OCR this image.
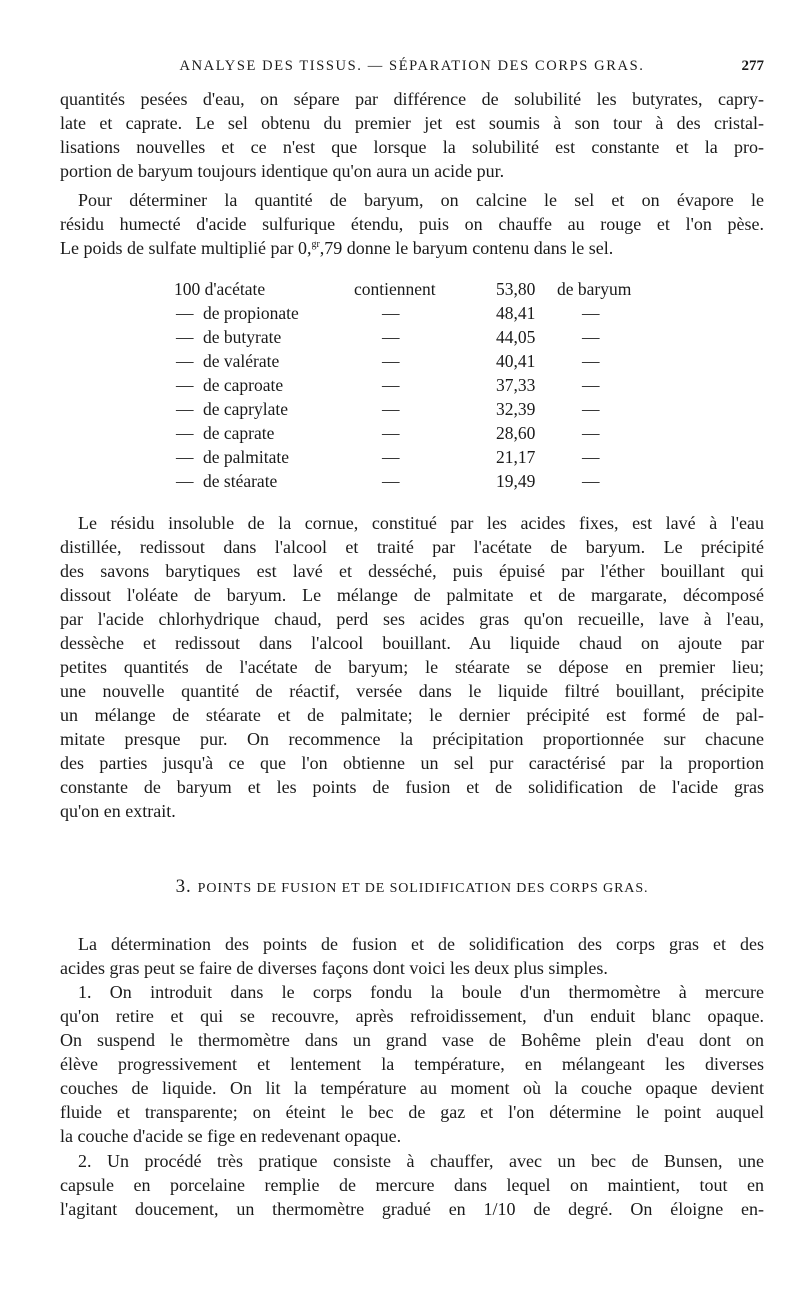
ANALYSE DES TISSUS. — SÉPARATION DES CORPS GRAS.	277
quantités pesées d'eau, on sépare par différence de solubilité les butyrates, capry-
late et caprate. Le sel obtenu du premier jet est soumis à son tour à des cristal-
lisations nouvelles et ce n'est que lorsque la solubilité est constante et la pro-
portion de baryum toujours identique qu'on aura un acide pur.
Pour déterminer la quantité de baryum, on calcine le sel et on évapore le
résidu humecté d'acide sulfurique étendu, puis on chauffe au rouge et l'on pèse.
Le poids de sulfate multiplié par 0,$^{gr}$,79 donne le baryum contenu dans le sel.
100 d'acétate	contiennent	53,80 de baryum
— de propionate	—	48,41	—
— de butyrate	—	44,05	—
— de valérate	—	40,41	—
— de caproate	—	37,33	—
— de caprylate	—	32,39	—
— de caprate	—	28,60	—
— de palmitate	—	21,17	—
— de stéarate	—	19,49	—
Le résidu insoluble de la cornue, constitué par les acides fixes, est lavé à l'eau
distillée, redissout dans l'alcool et traité par l'acétate de baryum. Le précipité
des savons barytiques est lavé et desséché, puis épuisé par l'éther bouillant qui
dissout l'oléate de baryum. Le mélange de palmitate et de margarate, décomposé
par l'acide chlorhydrique chaud, perd ses acides gras qu'on recueille, lave à l'eau,
dessèche et redissout dans l'alcool bouillant. Au liquide chaud on ajoute par
petites quantités de l'acétate de baryum; le stéarate se dépose en premier lieu;
une nouvelle quantité de réactif, versée dans le liquide filtré bouillant, précipite
un mélange de stéarate et de palmitate; le dernier précipité est formé de pal-
mitate presque pur. On recommence la précipitation proportionnée sur chacune
des parties jusqu'à ce que l'on obtienne un sel pur caractérisé par la proportion
constante de baryum et les points de fusion et de solidification de l'acide gras
qu'on en extrait.
3. POINTS DE FUSION ET DE SOLIDIFICATION DES CORPS GRAS.
La détermination des points de fusion et de solidification des corps gras et des
acides gras peut se faire de diverses façons dont voici les deux plus simples.
1. On introduit dans le corps fondu la boule d'un thermomètre à mercure
qu'on retire et qui se recouvre, après refroidissement, d'un enduit blanc opaque.
On suspend le thermomètre dans un grand vase de Bohême plein d'eau dont on
élève progressivement et lentement la température, en mélangeant les diverses
couches de liquide. On lit la température au moment où la couche opaque devient
fluide et transparente; on éteint le bec de gaz et l'on détermine le point auquel
la couche d'acide se fige en redevenant opaque.
2. Un procédé très pratique consiste à chauffer, avec un bec de Bunsen, une
capsule en porcelaine remplie de mercure dans lequel on maintient, tout en
l'agitant doucement, un thermomètre gradué en 1/10 de degré. On éloigne en-
